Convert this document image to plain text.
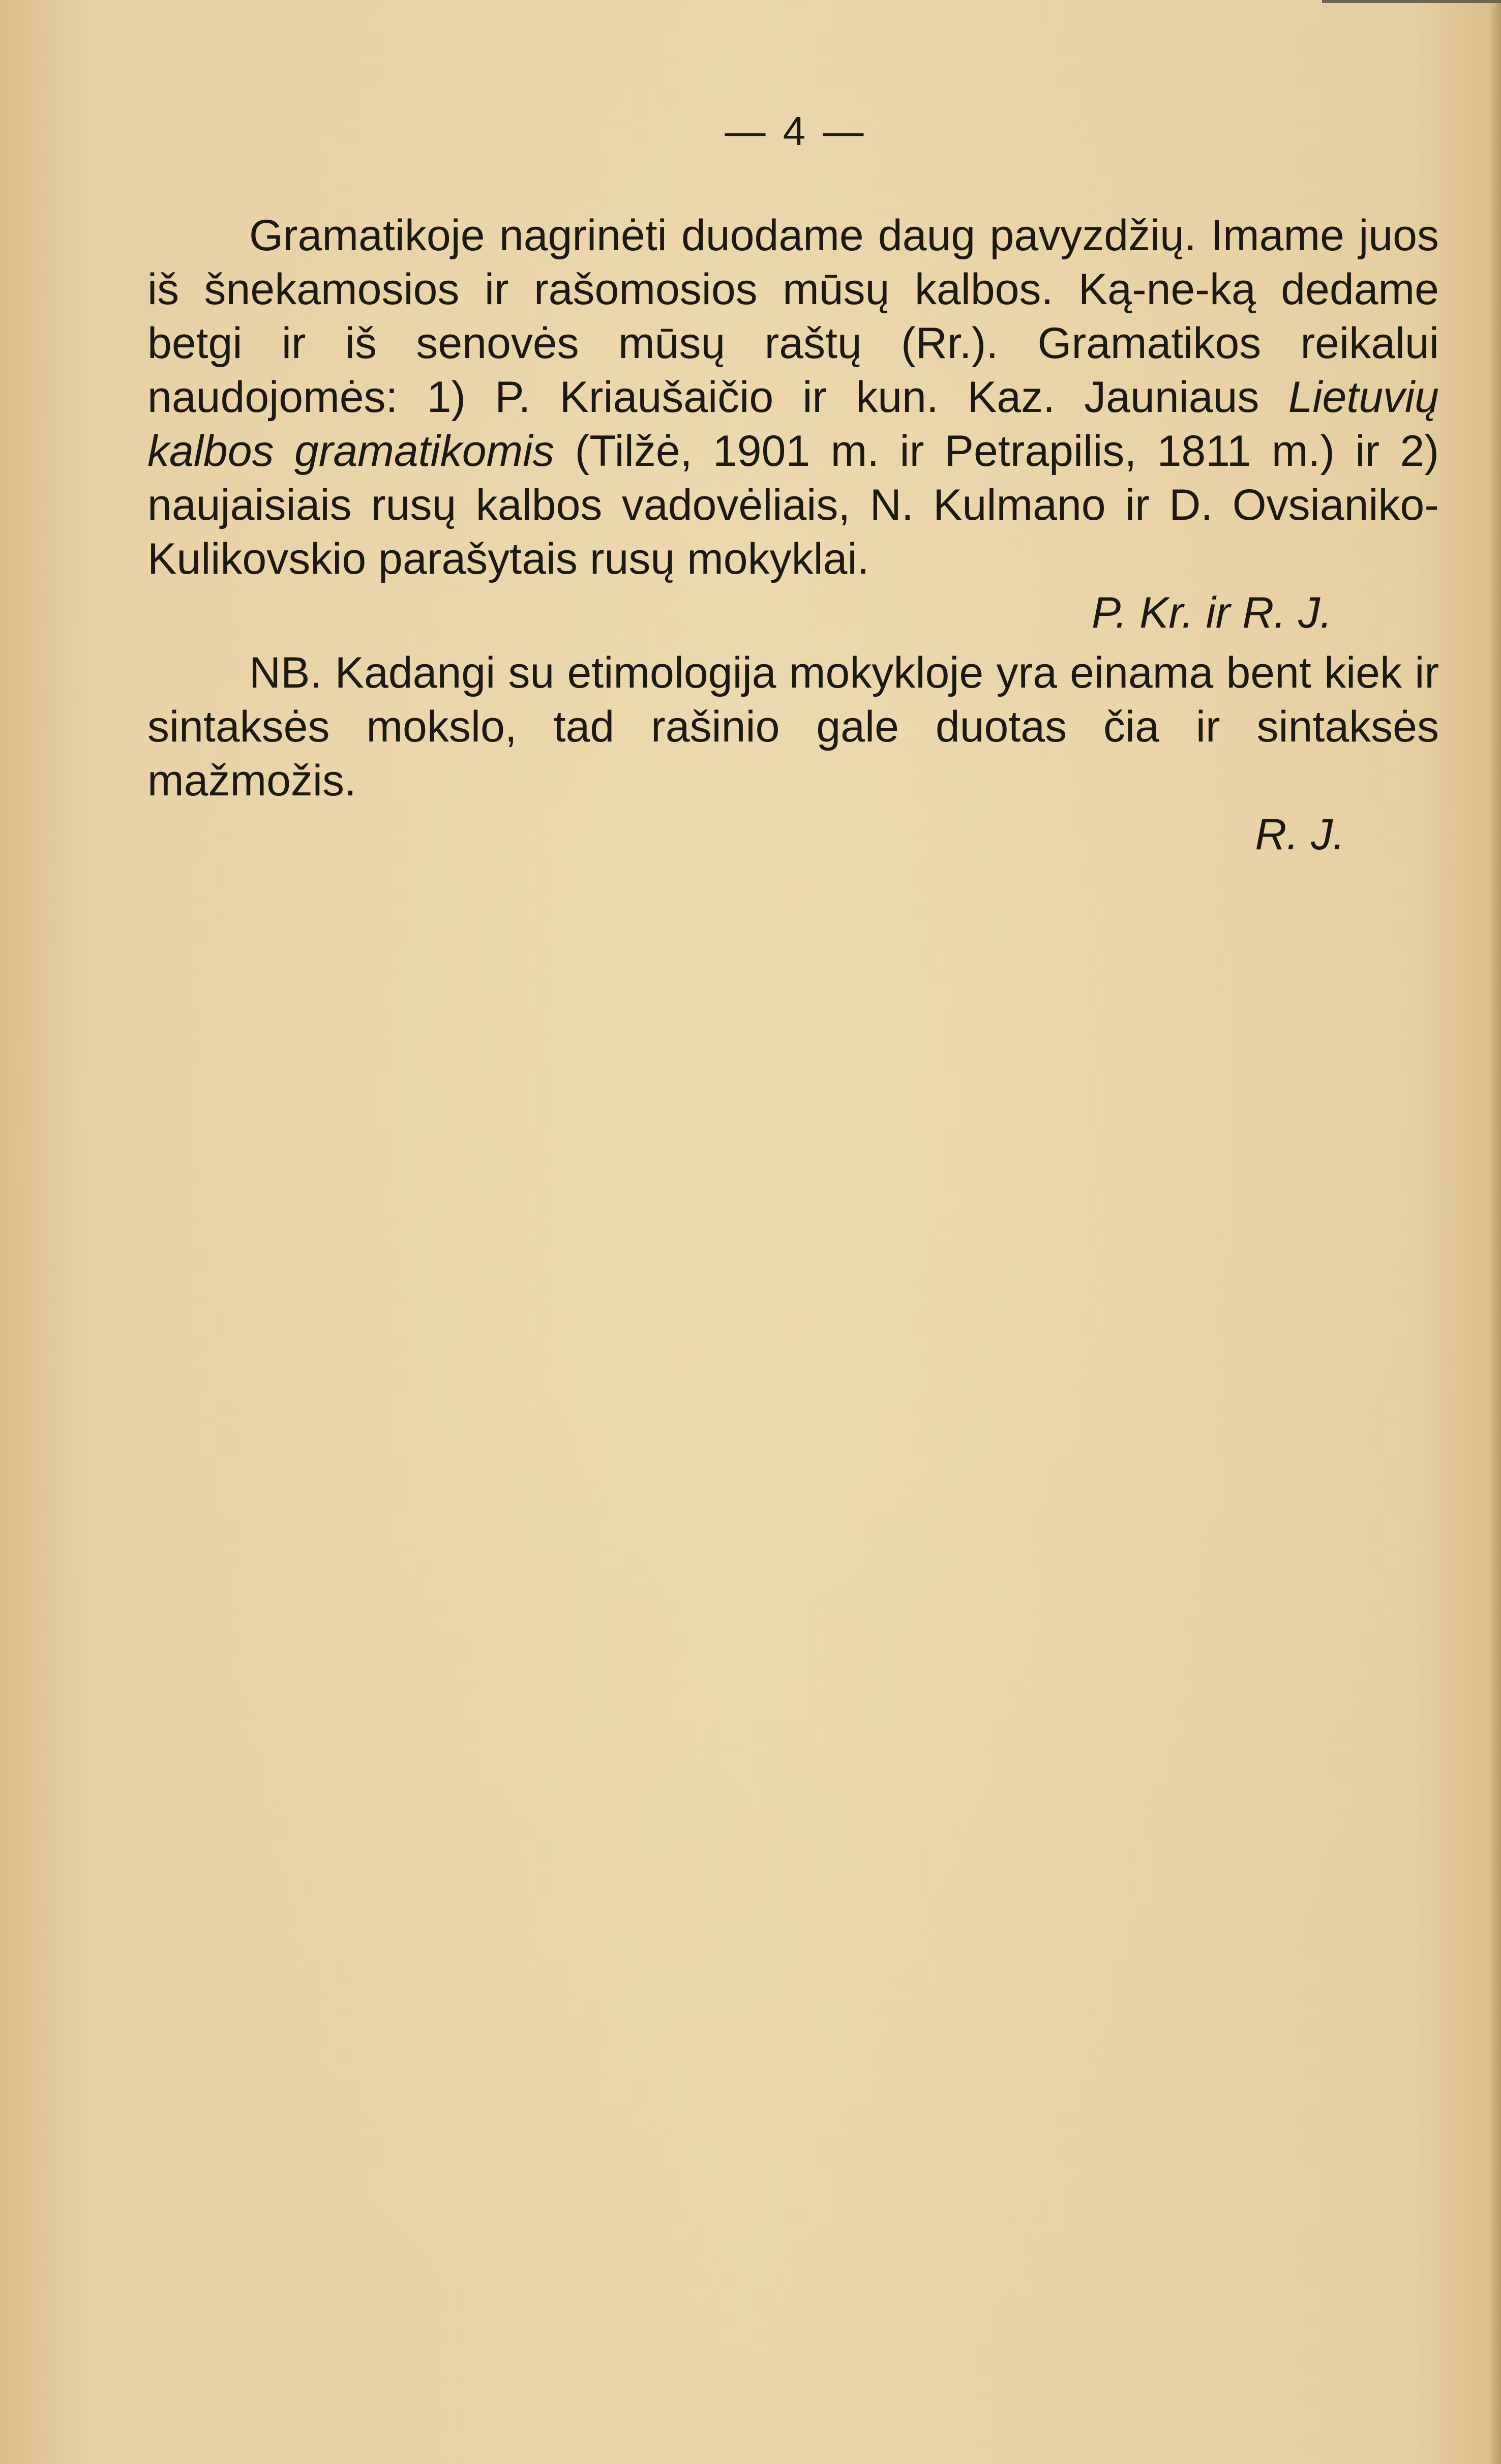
— 4 —

Gramatikoje nagrinėti duodame daug pavyzdžių. Imame juos iš šnekamosios ir rašomosios mūsų kalbos. Ką-ne-ką dedame betgi ir iš senovės mūsų raštų (Rr.). Gramatikos reikalui naudojomės: 1) P. Kriaušaičio ir kun. Kaz. Jauniaus Lietuvių kalbos gramatikomis (Tilžė, 1901 m. ir Petrapilis, 1811 m.) ir 2) naujaisiais rusų kalbos vadovėliais, N. Kulmano ir D. Ovsianiko-Kulikovskio parašytais rusų mokyklai.

P. Kr. ir R. J.

NB. Kadangi su etimologija mokykloje yra einama bent kiek ir sintaksės mokslo, tad rašinio gale duotas čia ir sintaksės mažmožis.

R. J.
